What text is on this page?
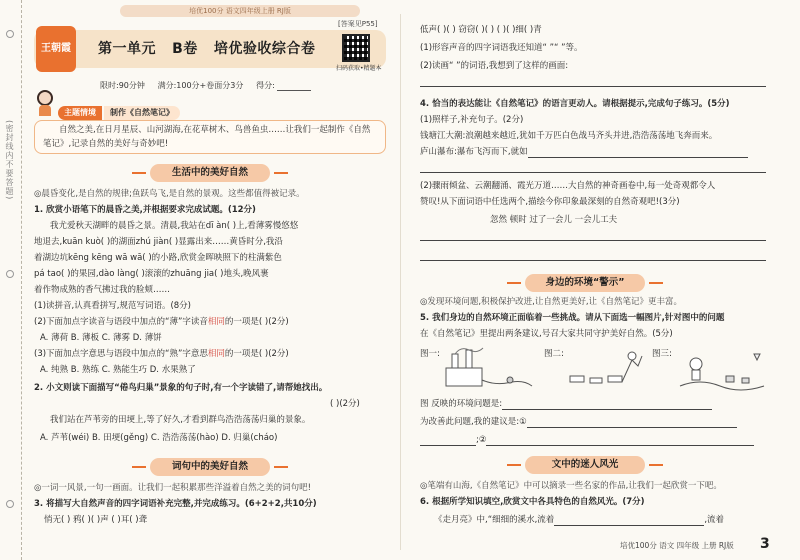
(密封线内不要答题)
培优100分 语文四年级上册 RJ版
[答案见P55]
王朝霞	第一单元 B卷 培优验收综合卷
扫码获取•精题本
限时:90分钟 满分:100分+卷面分3分 得分:
主题情境	制作《自然笔记》
自然之美,在日月星辰、山河湖海,在花草树木、鸟兽鱼虫……让我们一起制作《自然笔记》,记录自然的美好与奇妙吧!
生活中的美好自然
◎晨昏变化,是自然的规律;鱼跃鸟飞,是自然的景观。这些都值得被记录。
1. 欣赏小语笔下的晨昏之美,并根据要求完成试题。(12分)
我尤爱秋天湖畔的晨昏之景。清晨,我站在dī àn( )上,看薄雾慢悠悠
地退去,kuān kuò( )的湖面zhú jiàn( )显露出来……黄昏时分,我沿
着湖边坑kēng kēng wā wā( )的小路,欣赏金晖映照下的柱满紫色
pá tao( )的果园,dào làng( )滚滚的zhuāng jia( )地头,晚风裹
着作物成熟的香气拂过我的脸颊……
(1)读拼音,认真看拼写,规范写词语。(8分)
(2)下面加点字读音与语段中加点的“薄”字读音相同的一项是( )(2分)
A. 薄荷 B. 薄板 C. 薄雾 D. 薄饼
(3)下面加点字意思与语段中加点的“熟”字意思相同的一项是( )(2分)
A. 纯熟 B. 熟练 C. 熟能生巧 D. 水果熟了
2. 小文则读下面描写“倦鸟归巢”景象的句子时,有一个字读错了,请帮她找出。
( )(2分)
我们站在芦苇旁的田埂上,等了好久,才看到群鸟浩浩荡荡归巢的景象。
A. 芦苇(wéi) B. 田埂(gěng) C. 浩浩荡荡(hào) D. 归巢(cháo)
词句中的美好自然
◎一词一风景,一句一画面。让我们一起积累那些洋溢着自然之美的词句吧!
3. 将描写大自然声音的四字词语补充完整,并完成练习。(6+2+2,共10分)
悄无( ) 鸦( )( )声 ( )耳( )聋
低声( )( ) 窃窃( )( ) ( )( )细( )青
(1)形容声音的四字词语我还知道“ ”“ ”等。
(2)读画“ ”的词语,我想到了这样的画面:
4. 恰当的表达能让《自然笔记》的语言更动人。请根据提示,完成句子练习。(5分)
(1)照样子,补充句子。(2分)
钱塘江大潮:浪潮越来越近,犹如千万匹白色战马齐头并进,浩浩荡荡地飞奔而来。
庐山瀑布:瀑布飞泻而下,就如
(2)骤雨倾盆、云潮翻涌、霞光万道……大自然的神奇画卷中,每一处奇观都令人
赞叹!从下面词语中任选两个,描绘今你印象最深刻的自然奇观吧!(3分)
忽然 顿时 过了一会儿 一会儿工夫
身边的环境“警示”
◎发现环境问题,积极保护改进,让自然更美好,让《自然笔记》更丰富。
5. 我们身边的自然环境正面临着一些挑战。请从下面选一幅图片,针对图中的问题
在《自然笔记》里提出两条建议,号召大家共同守护美好自然。(5分)
图一:	图二:	图三:
图 反映的环境问题是:
为改善此问题,我的建议是:①
;②
文中的迷人风光
◎笔端有山海,《自然笔记》中可以摘录一些名家的作品,让我们一起欣赏一下吧。
6. 根据所学知识填空,欣赏文中各具特色的自然风光。(7分)
《走月亮》中,“细细的溪水,流着	,流着
培优100分 语文 四年级 上册 RJ版 3
